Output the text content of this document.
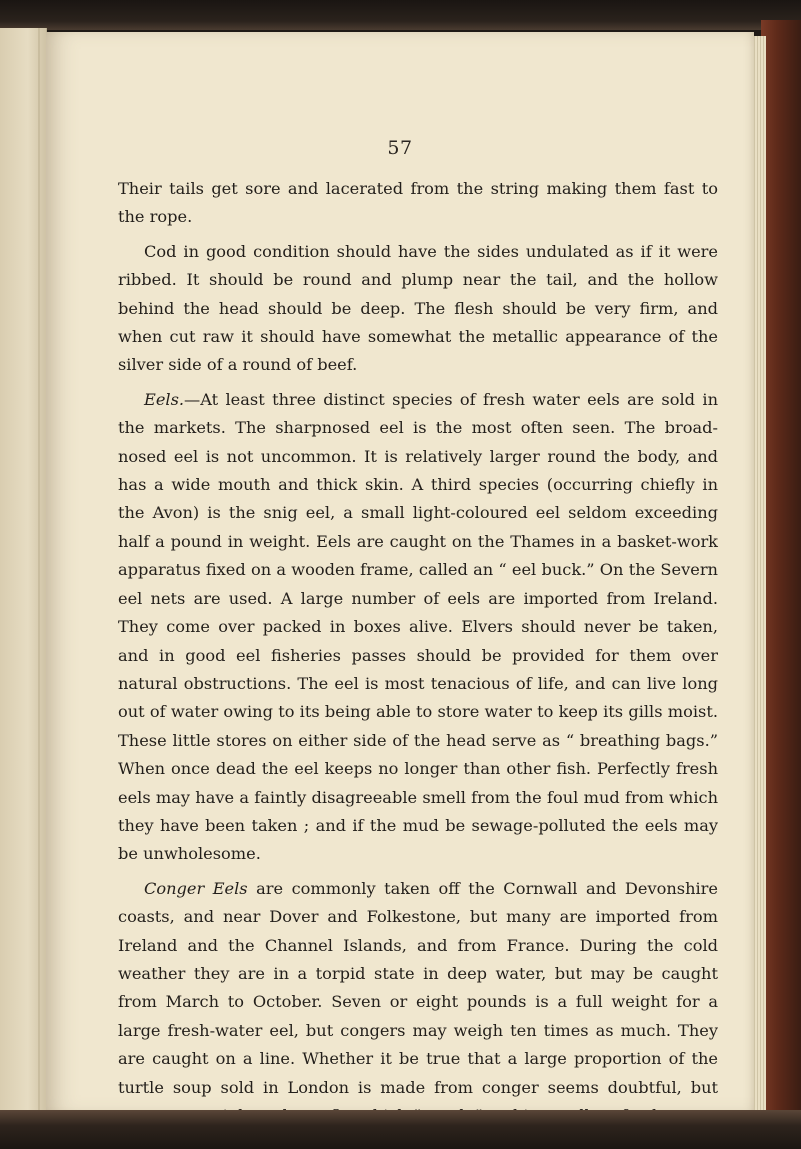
57

Their tails get sore and lacerated from the string making them fast to the rope.

Cod in good condition should have the sides undulated as if it were ribbed. It should be round and plump near the tail, and the hollow behind the head should be deep. The flesh should be very firm, and when cut raw it should have somewhat the metallic appearance of the silver side of a round of beef.

Eels.—At least three distinct species of fresh water eels are sold in the markets. The sharpnosed eel is the most often seen. The broad-nosed eel is not uncommon. It is relatively larger round the body, and has a wide mouth and thick skin. A third species (occurring chiefly in the Avon) is the snig eel, a small light-coloured eel seldom exceeding half a pound in weight. Eels are caught on the Thames in a basket-work apparatus fixed on a wooden frame, called an “ eel buck.” On the Severn eel nets are used. A large number of eels are imported from Ireland. They come over packed in boxes alive. Elvers should never be taken, and in good eel fisheries passes should be provided for them over natural obstructions. The eel is most tenacious of life, and can live long out of water owing to its being able to store water to keep its gills moist. These little stores on either side of the head serve as “ breathing bags.” When once dead the eel keeps no longer than other fish. Perfectly fresh eels may have a faintly disagreeable smell from the foul mud from which they have been taken ; and if the mud be sewage-polluted the eels may be unwholesome.

Conger Eels are commonly taken off the Cornwall and Devonshire coasts, and near Dover and Folkestone, but many are imported from Ireland and the Channel Islands, and from France. During the cold weather they are in a torpid state in deep water, but may be caught from March to October. Seven or eight pounds is a full weight for a large fresh-water eel, but congers may weigh ten times as much. They are caught on a line. Whether it be true that a large proportion of the turtle soup sold in London is made from conger seems doubtful, but
